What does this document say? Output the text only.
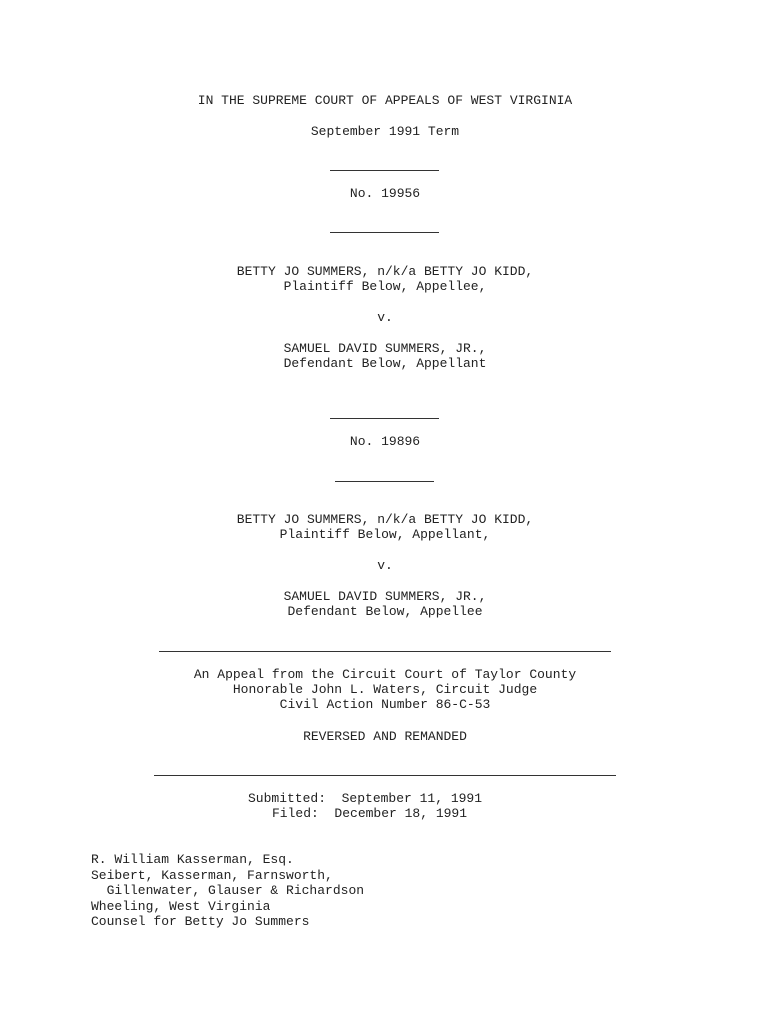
IN THE SUPREME COURT OF APPEALS OF WEST VIRGINIA
September 1991 Term
No. 19956
BETTY JO SUMMERS, n/k/a BETTY JO KIDD,
Plaintiff Below, Appellee,
v.
SAMUEL DAVID SUMMERS, JR.,
Defendant Below, Appellant
No. 19896
BETTY JO SUMMERS, n/k/a BETTY JO KIDD,
Plaintiff Below, Appellant,
v.
SAMUEL DAVID SUMMERS, JR.,
Defendant Below, Appellee
An Appeal from the Circuit Court of Taylor County
Honorable John L. Waters, Circuit Judge
Civil Action Number 86-C-53
REVERSED AND REMANDED
Submitted:  September 11, 1991
Filed:  December 18, 1991
R. William Kasserman, Esq.
Seibert, Kasserman, Farnsworth,
Gillenwater, Glauser & Richardson
Wheeling, West Virginia
Counsel for Betty Jo Summers
